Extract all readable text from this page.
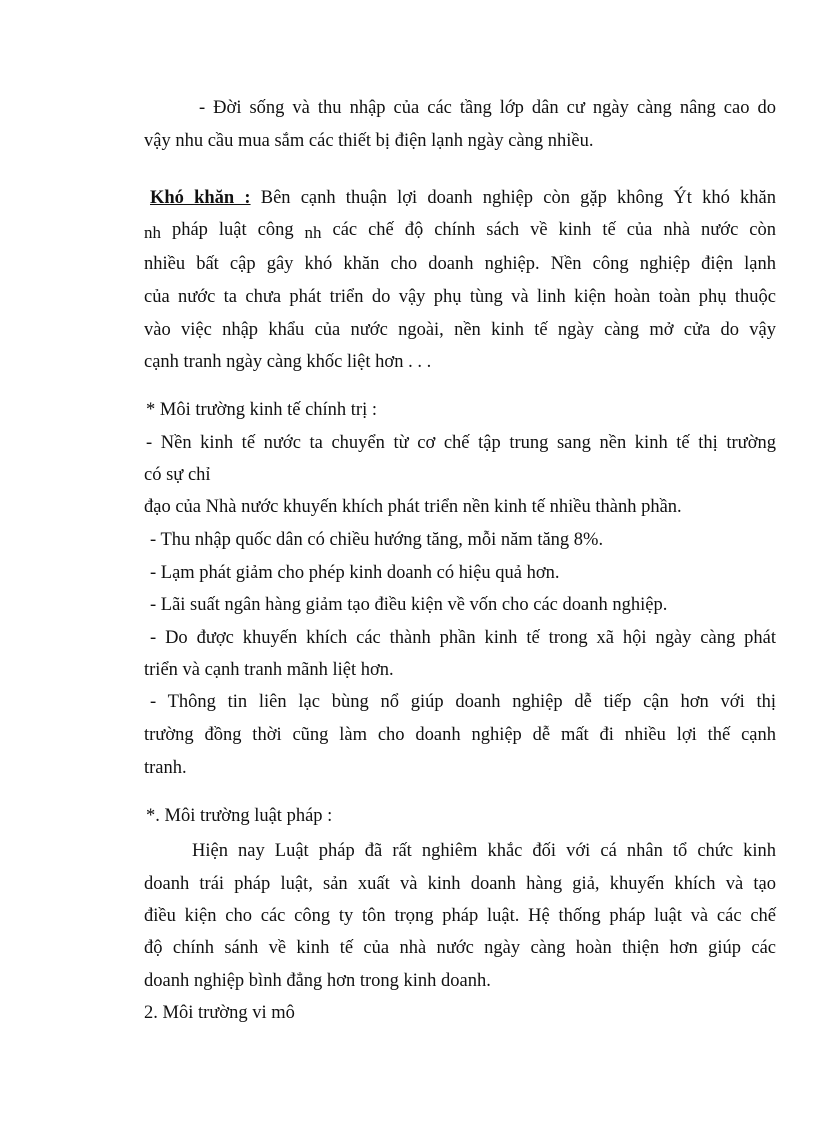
- Đời sống và thu nhập của các tầng lớp dân cư ngày càng nâng cao do
vậy nhu cầu mua sắm các thiết bị điện lạnh ngày càng nhiều.
Khó khăn : Bên cạnh thuận lợi doanh nghiệp còn gặp không Ýt khó khăn
nh pháp luật công nh các chế độ chính sách về kinh tế của nhà nước còn
nhiều bất cập gây khó khăn cho doanh nghiệp. Nền công nghiệp điện lạnh
của nước ta chưa phát triển do vậy phụ tùng và linh kiện hoàn toàn phụ thuộc
vào việc nhập khẩu của nước ngoài, nền kinh tế ngày càng mở cửa do vậy
cạnh tranh ngày càng khốc liệt hơn . . .
* Môi trường kinh tế chính trị :
- Nền kinh tế nước ta chuyển từ cơ chế tập trung sang nền kinh tế thị trường
có sự chỉ
đạo của Nhà nước khuyến khích phát triển nền kinh tế nhiều thành phần.
- Thu nhập quốc dân có chiều hướng tăng, mỗi năm tăng 8%.
- Lạm phát giảm cho phép kinh doanh có hiệu quả hơn.
- Lãi suất ngân hàng giảm tạo điều kiện về vốn cho các doanh nghiệp.
- Do được khuyến khích các thành phần kinh tế trong xã hội ngày càng phát
triển và cạnh tranh mãnh liệt hơn.
- Thông tin liên lạc bùng nổ giúp doanh nghiệp dễ tiếp cận hơn với thị
trường đồng thời cũng làm cho doanh nghiệp dễ mất đi nhiều lợi thế cạnh
tranh.
*. Môi trường luật pháp :
Hiện nay Luật pháp đã rất nghiêm khắc đối với cá nhân tổ chức kinh
doanh trái pháp luật, sản xuất và kinh doanh hàng giả, khuyến khích và tạo
điều kiện cho các công ty tôn trọng pháp luật. Hệ thống pháp luật và các chế
độ chính sánh về kinh tế của nhà nước ngày càng hoàn thiện hơn giúp các
doanh nghiệp bình đẳng hơn trong kinh doanh.
2. Môi trường vi mô
